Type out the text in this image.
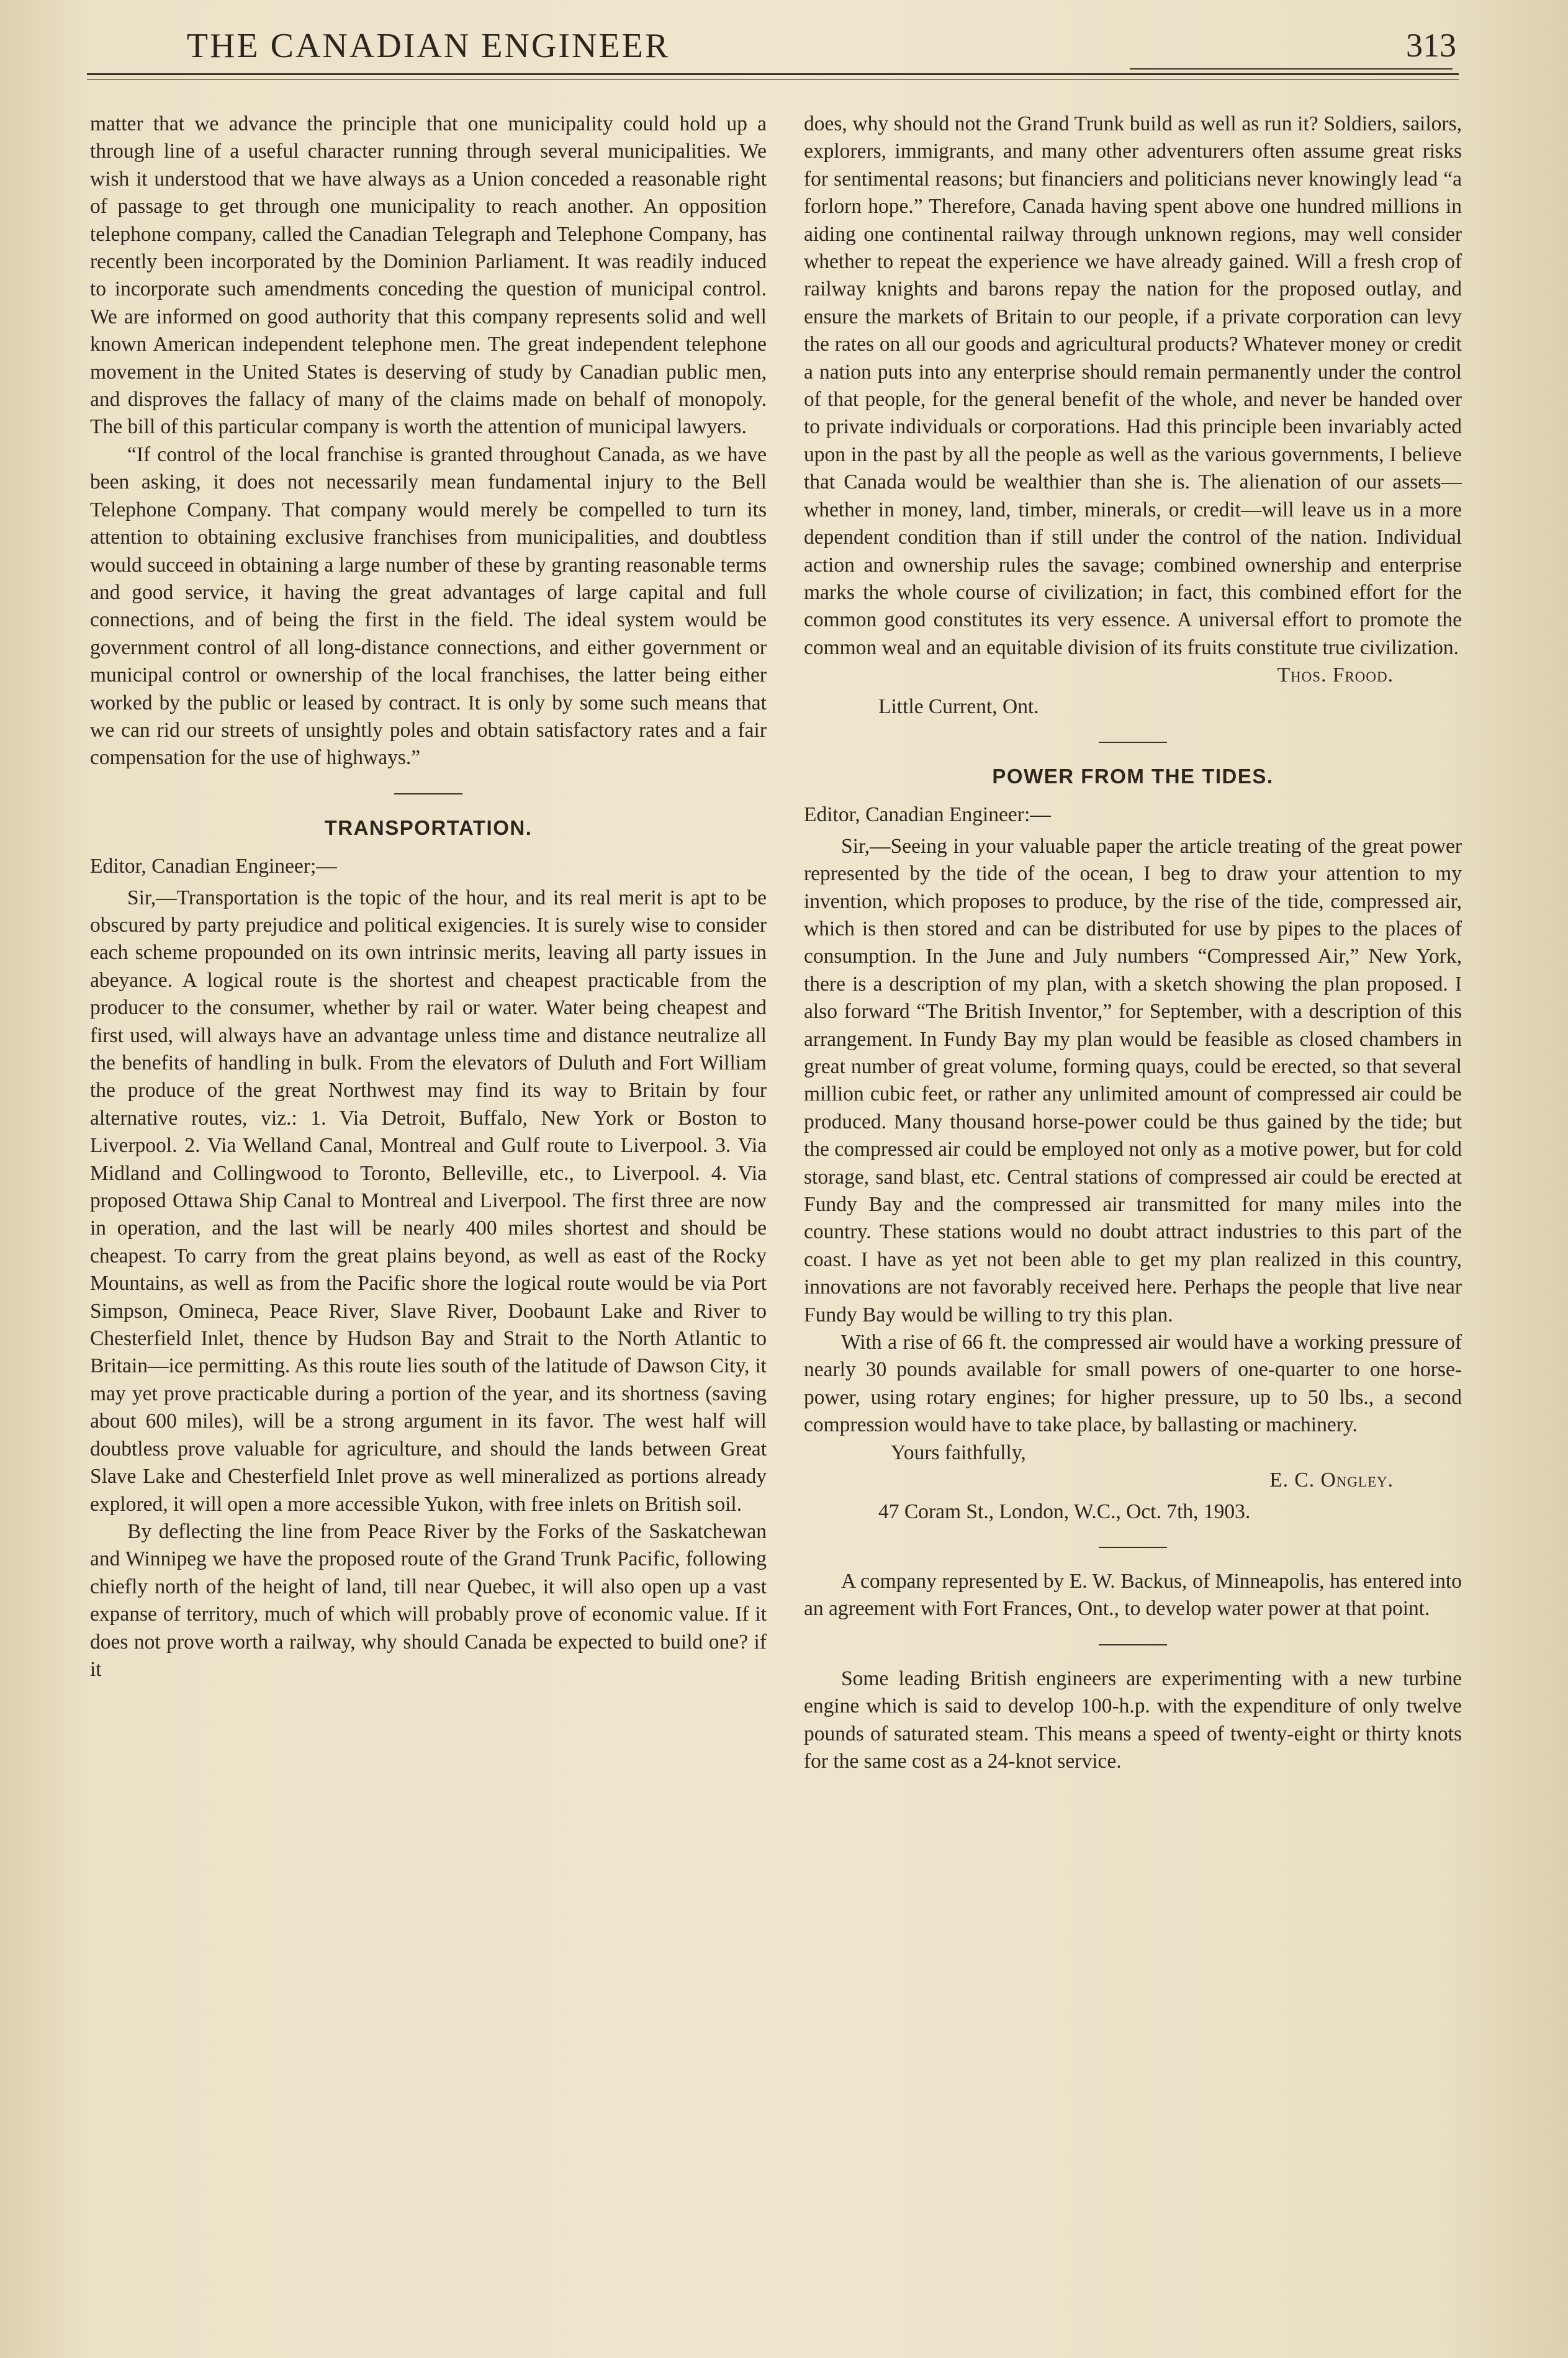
THE CANADIAN ENGINEER	313

matter that we advance the principle that one municipality could hold up a through line of a useful character running through several municipalities. We wish it understood that we have always as a Union conceded a reasonable right of passage to get through one municipality to reach another. An opposition telephone company, called the Canadian Telegraph and Telephone Company, has recently been incorporated by the Dominion Parliament. It was readily induced to incorporate such amendments conceding the question of municipal control. We are informed on good authority that this company represents solid and well known American independent telephone men. The great independent telephone movement in the United States is deserving of study by Canadian public men, and disproves the fallacy of many of the claims made on behalf of monopoly. The bill of this particular company is worth the attention of municipal lawyers.

“If control of the local franchise is granted throughout Canada, as we have been asking, it does not necessarily mean fundamental injury to the Bell Telephone Company. That company would merely be compelled to turn its attention to obtaining exclusive franchises from municipalities, and doubtless would succeed in obtaining a large number of these by granting reasonable terms and good service, it having the great advantages of large capital and full connections, and of being the first in the field. The ideal system would be government control of all long-distance connections, and either government or municipal control or ownership of the local franchises, the latter being either worked by the public or leased by contract. It is only by some such means that we can rid our streets of unsightly poles and obtain satisfactory rates and a fair compensation for the use of highways.”

TRANSPORTATION.

Editor, Canadian Engineer;—

Sir,—Transportation is the topic of the hour, and its real merit is apt to be obscured by party prejudice and political exigencies. It is surely wise to consider each scheme propounded on its own intrinsic merits, leaving all party issues in abeyance. A logical route is the shortest and cheapest practicable from the producer to the consumer, whether by rail or water. Water being cheapest and first used, will always have an advantage unless time and distance neutralize all the benefits of handling in bulk. From the elevators of Duluth and Fort William the produce of the great Northwest may find its way to Britain by four alternative routes, viz.: 1. Via Detroit, Buffalo, New York or Boston to Liverpool. 2. Via Welland Canal, Montreal and Gulf route to Liverpool. 3. Via Midland and Collingwood to Toronto, Belleville, etc., to Liverpool. 4. Via proposed Ottawa Ship Canal to Montreal and Liverpool. The first three are now in operation, and the last will be nearly 400 miles shortest and should be cheapest. To carry from the great plains beyond, as well as east of the Rocky Mountains, as well as from the Pacific shore the logical route would be via Port Simpson, Omineca, Peace River, Slave River, Doobaunt Lake and River to Chesterfield Inlet, thence by Hudson Bay and Strait to the North Atlantic to Britain—ice permitting. As this route lies south of the latitude of Dawson City, it may yet prove practicable during a portion of the year, and its shortness (saving about 600 miles), will be a strong argument in its favor. The west half will doubtless prove valuable for agriculture, and should the lands between Great Slave Lake and Chesterfield Inlet prove as well mineralized as portions already explored, it will open a more accessible Yukon, with free inlets on British soil.

By deflecting the line from Peace River by the Forks of the Saskatchewan and Winnipeg we have the proposed route of the Grand Trunk Pacific, following chiefly north of the height of land, till near Quebec, it will also open up a vast expanse of territory, much of which will probably prove of economic value. If it does not prove worth a railway, why should Canada be expected to build one? if it

does, why should not the Grand Trunk build as well as run it? Soldiers, sailors, explorers, immigrants, and many other adventurers often assume great risks for sentimental reasons; but financiers and politicians never knowingly lead “a forlorn hope.” Therefore, Canada having spent above one hundred millions in aiding one continental railway through unknown regions, may well consider whether to repeat the experience we have already gained. Will a fresh crop of railway knights and barons repay the nation for the proposed outlay, and ensure the markets of Britain to our people, if a private corporation can levy the rates on all our goods and agricultural products? Whatever money or credit a nation puts into any enterprise should remain permanently under the control of that people, for the general benefit of the whole, and never be handed over to private individuals or corporations. Had this principle been invariably acted upon in the past by all the people as well as the various governments, I believe that Canada would be wealthier than she is. The alienation of our assets—whether in money, land, timber, minerals, or credit—will leave us in a more dependent condition than if still under the control of the nation. Individual action and ownership rules the savage; combined ownership and enterprise marks the whole course of civilization; in fact, this combined effort for the common good constitutes its very essence. A universal effort to promote the common weal and an equitable division of its fruits constitute true civilization.

Thos. Frood.

Little Current, Ont.

POWER FROM THE TIDES.

Editor, Canadian Engineer:—

Sir,—Seeing in your valuable paper the article treating of the great power represented by the tide of the ocean, I beg to draw your attention to my invention, which proposes to produce, by the rise of the tide, compressed air, which is then stored and can be distributed for use by pipes to the places of consumption. In the June and July numbers “Compressed Air,” New York, there is a description of my plan, with a sketch showing the plan proposed. I also forward “The British Inventor,” for September, with a description of this arrangement. In Fundy Bay my plan would be feasible as closed chambers in great number of great volume, forming quays, could be erected, so that several million cubic feet, or rather any unlimited amount of compressed air could be produced. Many thousand horse-power could be thus gained by the tide; but the compressed air could be employed not only as a motive power, but for cold storage, sand blast, etc. Central stations of compressed air could be erected at Fundy Bay and the compressed air transmitted for many miles into the country. These stations would no doubt attract industries to this part of the coast. I have as yet not been able to get my plan realized in this country, innovations are not favorably received here. Perhaps the people that live near Fundy Bay would be willing to try this plan.

With a rise of 66 ft. the compressed air would have a working pressure of nearly 30 pounds available for small powers of one-quarter to one horse-power, using rotary engines; for higher pressure, up to 50 lbs., a second compression would have to take place, by ballasting or machinery.

Yours faithfully,

E. C. Ongley.

47 Coram St., London, W.C., Oct. 7th, 1903.

A company represented by E. W. Backus, of Minneapolis, has entered into an agreement with Fort Frances, Ont., to develop water power at that point.

Some leading British engineers are experimenting with a new turbine engine which is said to develop 100-h.p. with the expenditure of only twelve pounds of saturated steam. This means a speed of twenty-eight or thirty knots for the same cost as a 24-knot service.
